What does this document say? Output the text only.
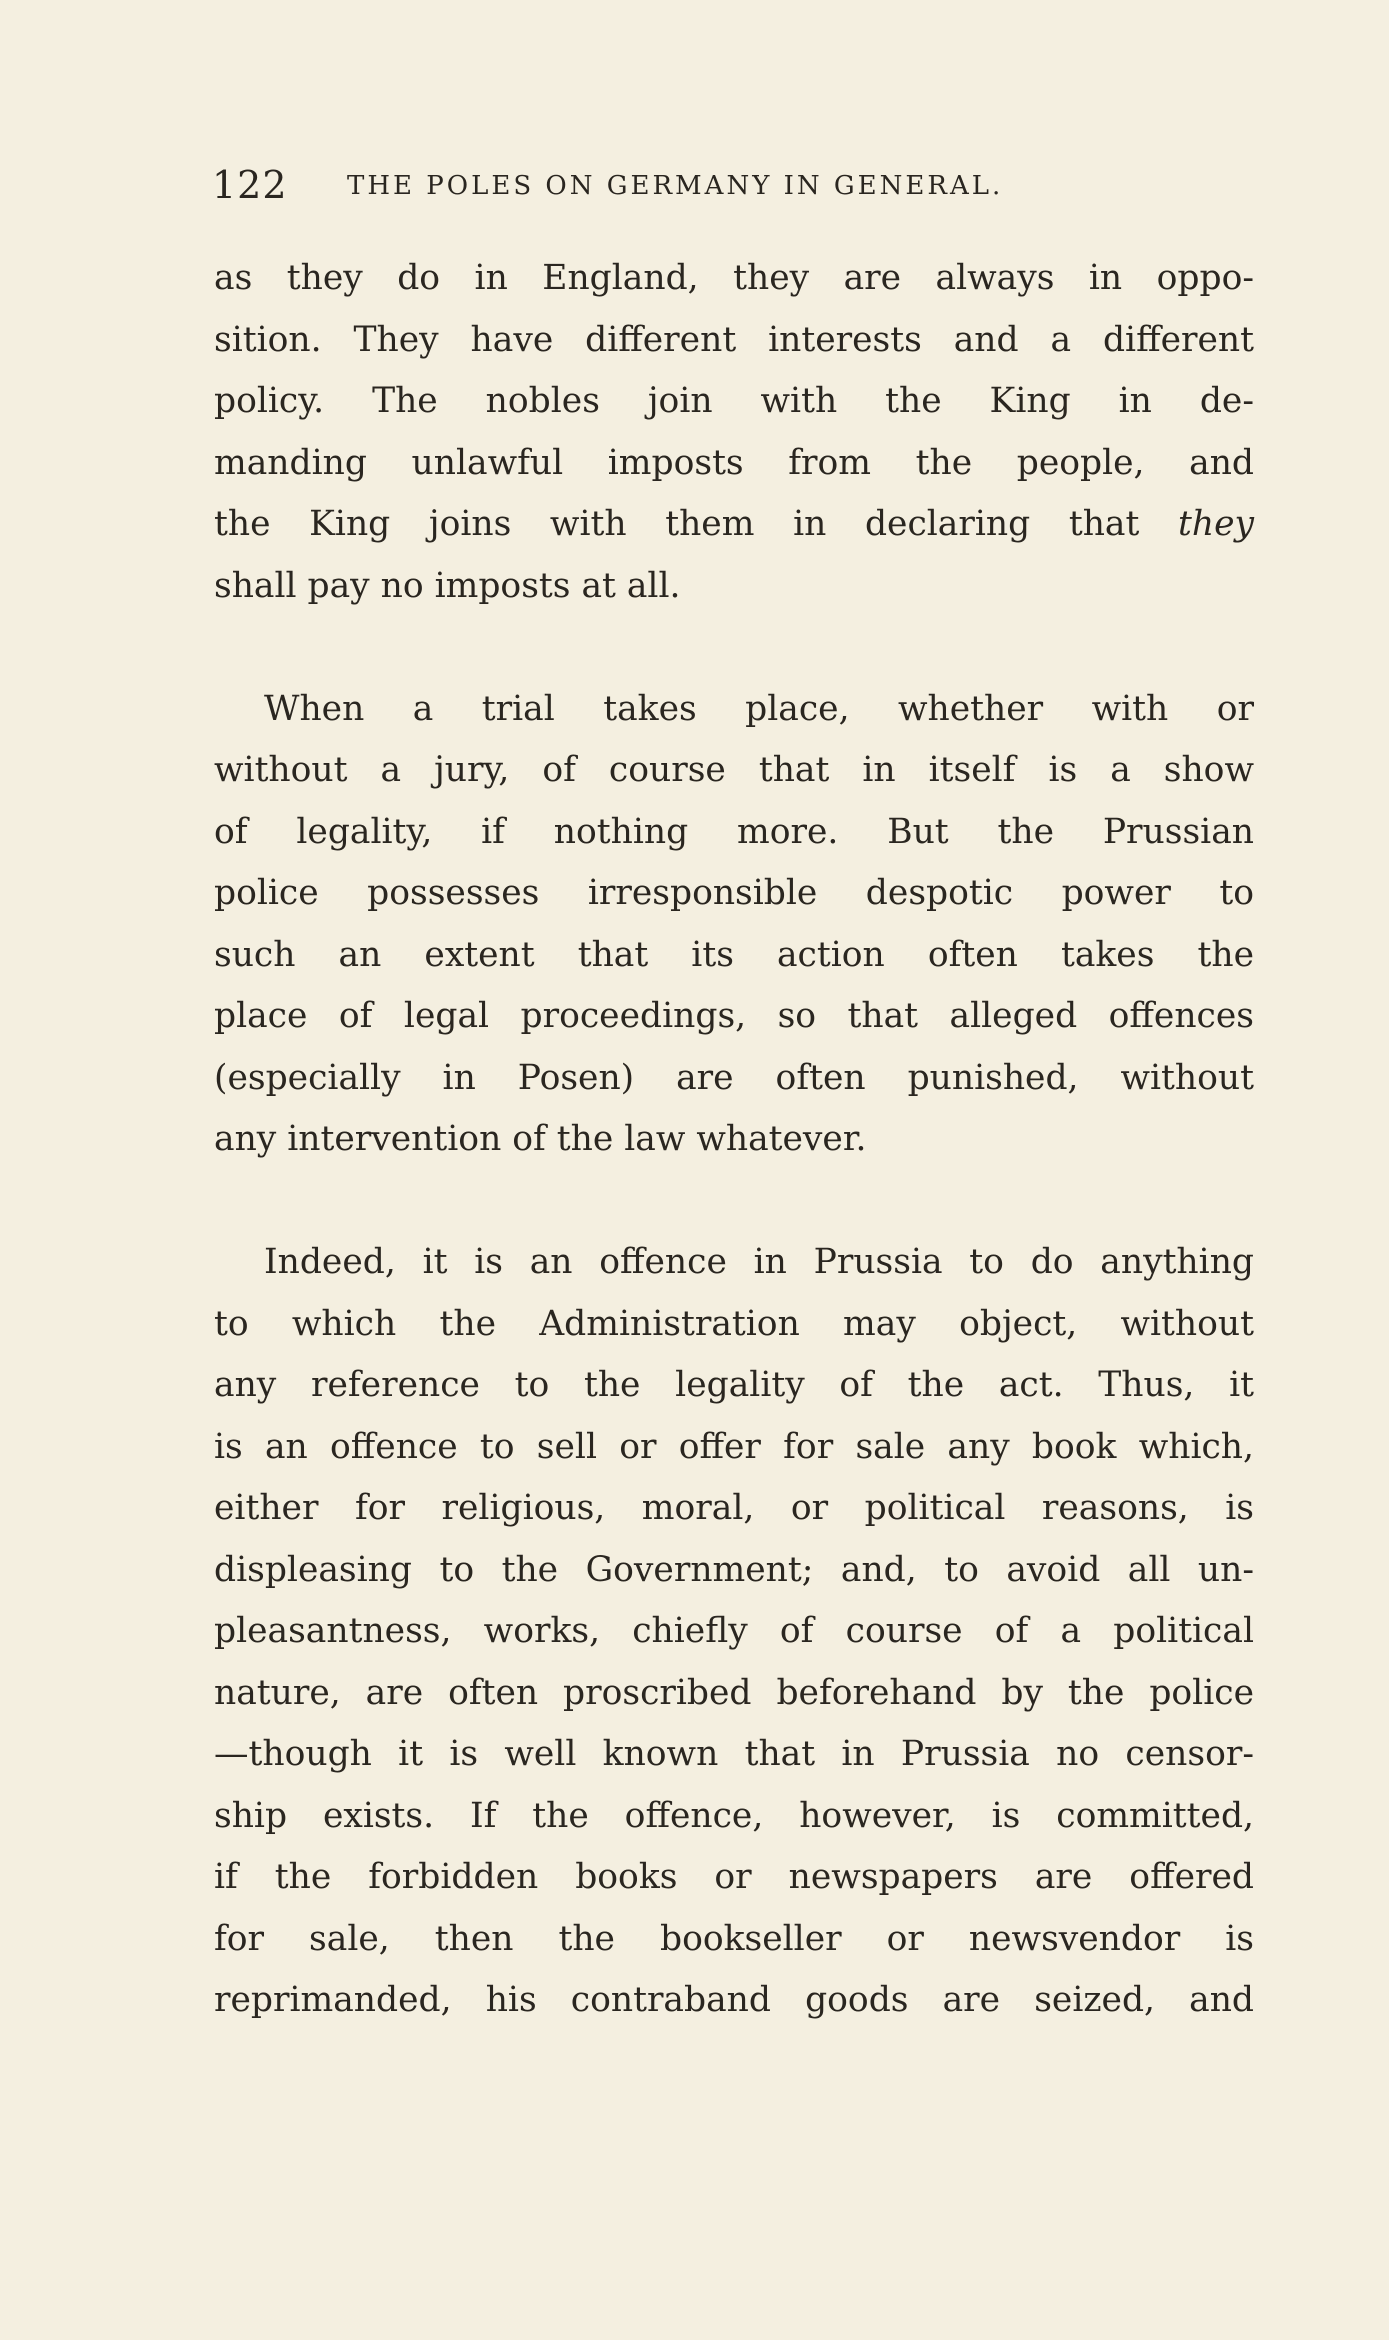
122 THE POLES ON GERMANY IN GENERAL.
as they do in England, they are always in oppo-
sition. They have different interests and a different
policy. The nobles join with the King in de-
manding unlawful imposts from the people, and
the King joins with them in declaring that they
shall pay no imposts at all.
When a trial takes place, whether with or
without a jury, of course that in itself is a show
of legality, if nothing more. But the Prussian
police possesses irresponsible despotic power to
such an extent that its action often takes the
place of legal proceedings, so that alleged offences
(especially in Posen) are often punished, without
any intervention of the law whatever.
Indeed, it is an offence in Prussia to do anything
to which the Administration may object, without
any reference to the legality of the act. Thus, it
is an offence to sell or offer for sale any book which,
either for religious, moral, or political reasons, is
displeasing to the Government; and, to avoid all un-
pleasantness, works, chiefly of course of a political
nature, are often proscribed beforehand by the police
—though it is well known that in Prussia no censor-
ship exists. If the offence, however, is committed,
if the forbidden books or newspapers are offered
for sale, then the bookseller or newsvendor is
reprimanded, his contraband goods are seized, and
